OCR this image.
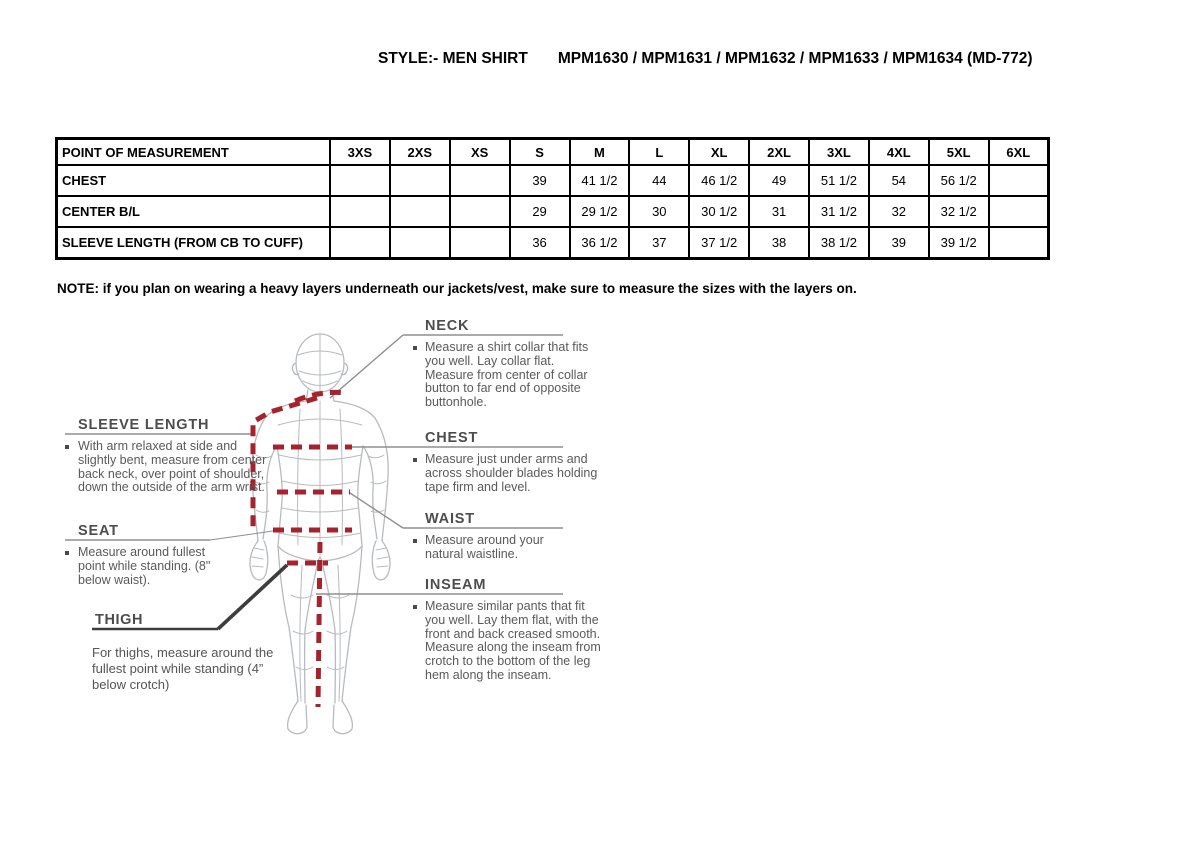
STYLE:- MEN SHIRT MPM1630 / MPM1631 / MPM1632 / MPM1633 / MPM1634 (MD-772)
POINT OF MEASUREMENT	3XS	2XS	XS	S	M	L	XL	2XL	3XL	4XL	5XL	6XL
CHEST				39	41 1/2	44	46 1/2	49	51 1/2	54	56 1/2	
CENTER B/L				29	29 1/2	30	30 1/2	31	31 1/2	32	32 1/2	
SLEEVE LENGTH (FROM CB TO CUFF)				36	36 1/2	37	37 1/2	38	38 1/2	39	39 1/2	
NOTE: if you plan on wearing a heavy layers underneath our jackets/vest, make sure to measure the sizes with the layers on.
NECK

Measure a shirt collar that fits you well. Lay collar flat. Measure from center of collar button to far end of opposite buttonhole.

CHEST

Measure just under arms and across shoulder blades holding tape firm and level.

WAIST

Measure around your natural waistline.

INSEAM

Measure similar pants that fit you well. Lay them flat, with the front and back creased smooth. Measure along the inseam from crotch to the bottom of the leg hem along the inseam.

SLEEVE LENGTH

With arm relaxed at side and slightly bent, measure from center back neck, over point of shoulder, down the outside of the arm wrist.

SEAT

Measure around fullest point while standing. (8" below waist).

THIGH

For thighs, measure around the fullest point while standing (4” below crotch)
